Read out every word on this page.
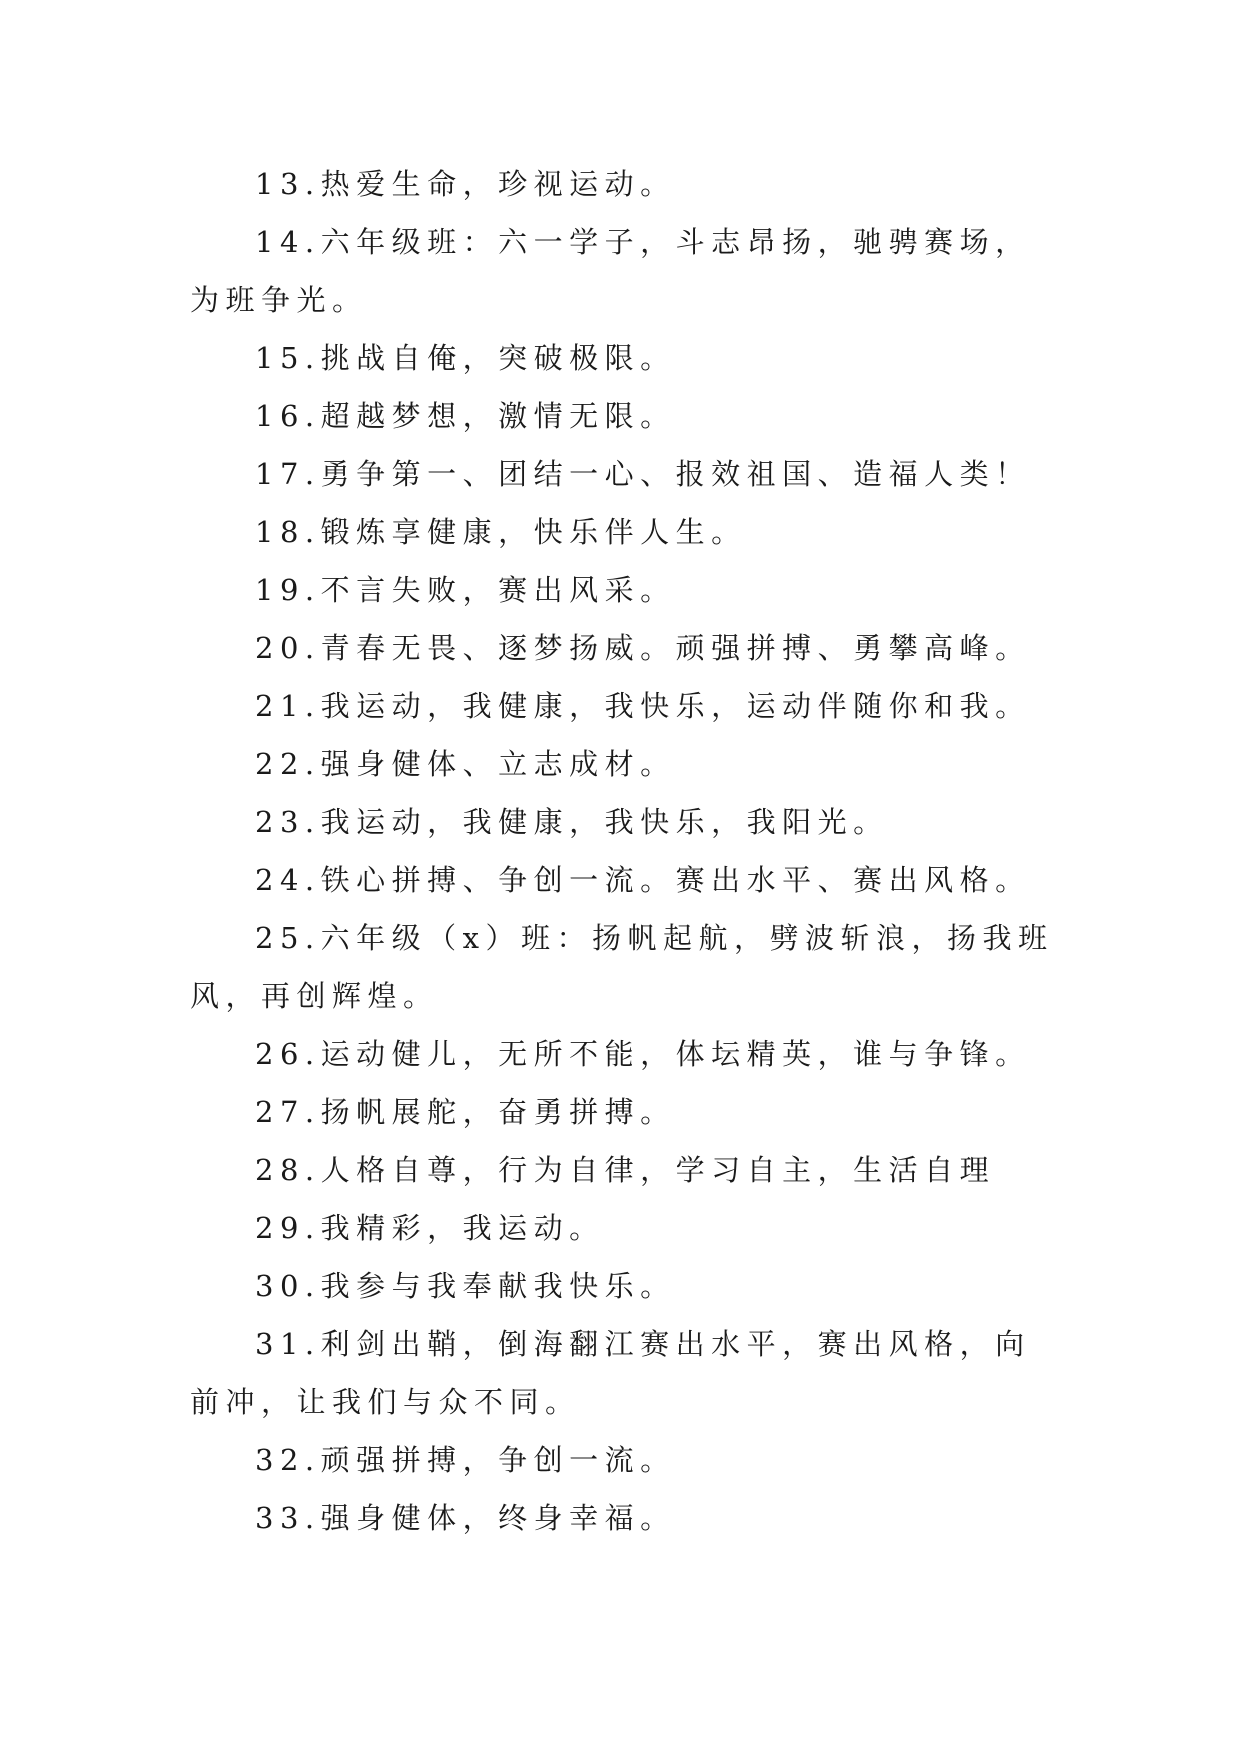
13.热爱生命，珍视运动。

14.六年级班：六一学子，斗志昂扬，驰骋赛场，为班争光。

15.挑战自俺，突破极限。

16.超越梦想，激情无限。

17.勇争第一、团结一心、报效祖国、造福人类！

18.锻炼享健康，快乐伴人生。

19.不言失败，赛出风采。

20.青春无畏、逐梦扬威。顽强拼搏、勇攀高峰。

21.我运动，我健康，我快乐，运动伴随你和我。

22.强身健体、立志成材。

23.我运动，我健康，我快乐，我阳光。

24.铁心拼搏、争创一流。赛出水平、赛出风格。

25.六年级（x）班：扬帆起航，劈波斩浪，扬我班风，再创辉煌。

26.运动健儿，无所不能，体坛精英，谁与争锋。

27.扬帆展舵，奋勇拼搏。

28.人格自尊，行为自律，学习自主，生活自理

29.我精彩，我运动。

30.我参与我奉献我快乐。

31.利剑出鞘，倒海翻江赛出水平，赛出风格，向前冲，让我们与众不同。

32.顽强拼搏，争创一流。

33.强身健体，终身幸福。
